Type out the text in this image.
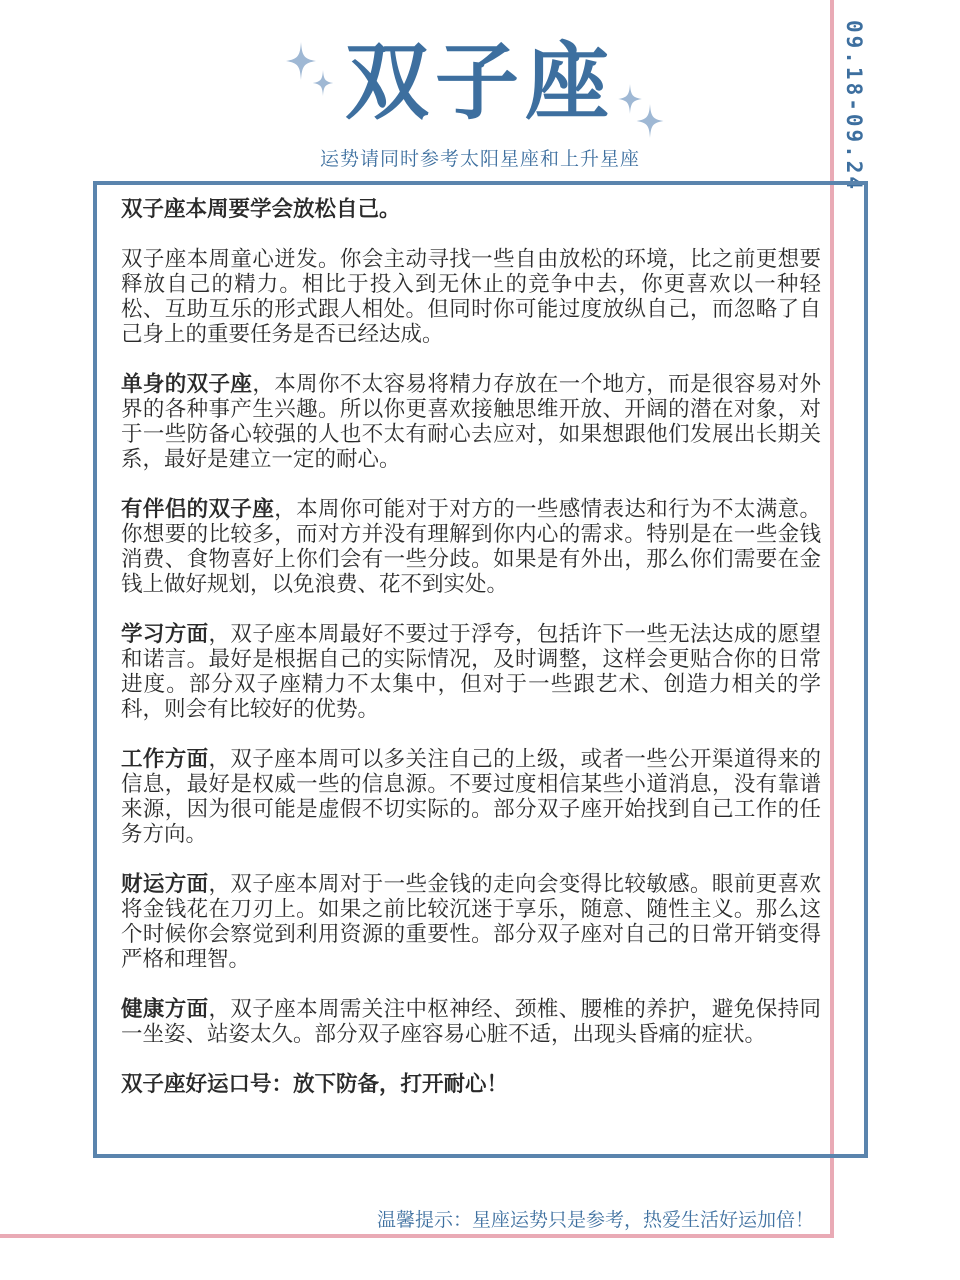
双子座
运势请同时参考太阳星座和上升星座	09.18-09.24

双子座本周要学会放松自己。

双子座本周童心迸发。你会主动寻找一些自由放松的环境，比之前更想要释放自己的精力。相比于投入到无休止的竞争中去，你更喜欢以一种轻松、互助互乐的形式跟人相处。但同时你可能过度放纵自己，而忽略了自己身上的重要任务是否已经达成。

单身的双子座，本周你不太容易将精力存放在一个地方，而是很容易对外界的各种事产生兴趣。所以你更喜欢接触思维开放、开阔的潜在对象，对于一些防备心较强的人也不太有耐心去应对，如果想跟他们发展出长期关系，最好是建立一定的耐心。

有伴侣的双子座，本周你可能对于对方的一些感情表达和行为不太满意。你想要的比较多，而对方并没有理解到你内心的需求。特别是在一些金钱消费、食物喜好上你们会有一些分歧。如果是有外出，那么你们需要在金钱上做好规划，以免浪费、花不到实处。

学习方面，双子座本周最好不要过于浮夸，包括许下一些无法达成的愿望和诺言。最好是根据自己的实际情况，及时调整，这样会更贴合你的日常进度。部分双子座精力不太集中，但对于一些跟艺术、创造力相关的学科，则会有比较好的优势。

工作方面，双子座本周可以多关注自己的上级，或者一些公开渠道得来的信息，最好是权威一些的信息源。不要过度相信某些小道消息，没有靠谱来源，因为很可能是虚假不切实际的。部分双子座开始找到自己工作的任务方向。

财运方面，双子座本周对于一些金钱的走向会变得比较敏感。眼前更喜欢将金钱花在刀刃上。如果之前比较沉迷于享乐，随意、随性主义。那么这个时候你会察觉到利用资源的重要性。部分双子座对自己的日常开销变得严格和理智。

健康方面，双子座本周需关注中枢神经、颈椎、腰椎的养护，避免保持同一坐姿、站姿太久。部分双子座容易心脏不适，出现头昏痛的症状。

双子座好运口号：放下防备，打开耐心！

温馨提示：星座运势只是参考，热爱生活好运加倍！
